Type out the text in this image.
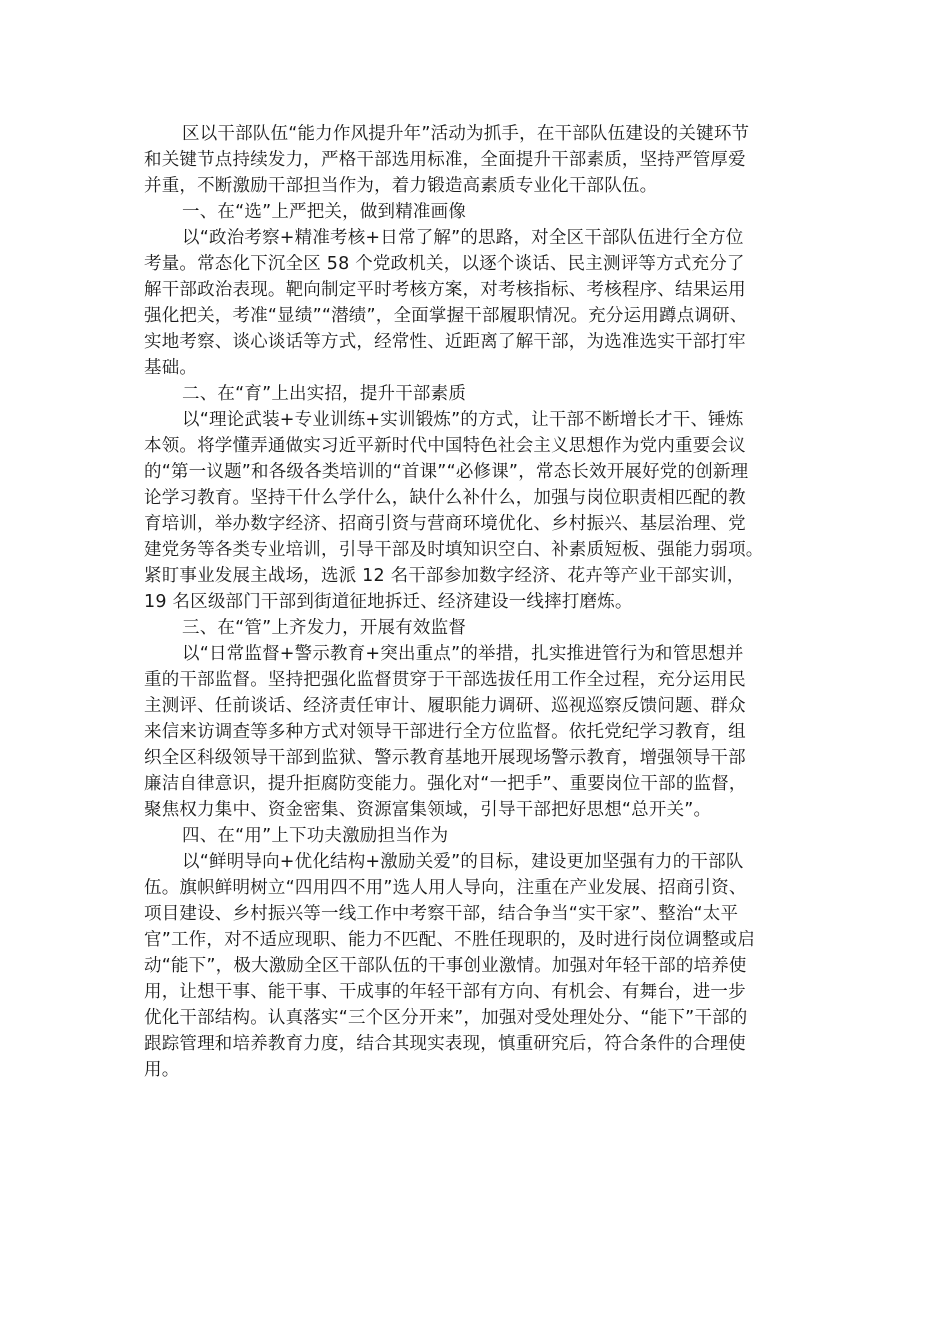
区以干部队伍“能力作风提升年”活动为抓手，在干部队伍建设的关键环节
和关键节点持续发力，严格干部选用标准，全面提升干部素质，坚持严管厚爱
并重，不断激励干部担当作为，着力锻造高素质专业化干部队伍。
一、在“选”上严把关，做到精准画像
以“政治考察+精准考核+日常了解”的思路，对全区干部队伍进行全方位
考量。常态化下沉全区 58 个党政机关，以逐个谈话、民主测评等方式充分了
解干部政治表现。靶向制定平时考核方案，对考核指标、考核程序、结果运用
强化把关，考准“显绩”“潜绩”，全面掌握干部履职情况。充分运用蹲点调研、
实地考察、谈心谈话等方式，经常性、近距离了解干部，为选准选实干部打牢
基础。
二、在“育”上出实招，提升干部素质
以“理论武装+专业训练+实训锻炼”的方式，让干部不断增长才干、锤炼
本领。将学懂弄通做实习近平新时代中国特色社会主义思想作为党内重要会议
的“第一议题”和各级各类培训的“首课”“必修课”，常态长效开展好党的创新理
论学习教育。坚持干什么学什么，缺什么补什么，加强与岗位职责相匹配的教
育培训，举办数字经济、招商引资与营商环境优化、乡村振兴、基层治理、党
建党务等各类专业培训，引导干部及时填知识空白、补素质短板、强能力弱项。
紧盯事业发展主战场，选派 12 名干部参加数字经济、花卉等产业干部实训，
19 名区级部门干部到街道征地拆迁、经济建设一线摔打磨炼。
三、在“管”上齐发力，开展有效监督
以“日常监督+警示教育+突出重点”的举措，扎实推进管行为和管思想并
重的干部监督。坚持把强化监督贯穿于干部选拔任用工作全过程，充分运用民
主测评、任前谈话、经济责任审计、履职能力调研、巡视巡察反馈问题、群众
来信来访调查等多种方式对领导干部进行全方位监督。依托党纪学习教育，组
织全区科级领导干部到监狱、警示教育基地开展现场警示教育，增强领导干部
廉洁自律意识，提升拒腐防变能力。强化对“一把手”、重要岗位干部的监督，
聚焦权力集中、资金密集、资源富集领域，引导干部把好思想“总开关”。
四、在“用”上下功夫激励担当作为
以“鲜明导向+优化结构+激励关爱”的目标，建设更加坚强有力的干部队
伍。旗帜鲜明树立“四用四不用”选人用人导向，注重在产业发展、招商引资、
项目建设、乡村振兴等一线工作中考察干部，结合争当“实干家”、整治“太平
官”工作，对不适应现职、能力不匹配、不胜任现职的，及时进行岗位调整或启
动“能下”，极大激励全区干部队伍的干事创业激情。加强对年轻干部的培养使
用，让想干事、能干事、干成事的年轻干部有方向、有机会、有舞台，进一步
优化干部结构。认真落实“三个区分开来”，加强对受处理处分、“能下”干部的
跟踪管理和培养教育力度，结合其现实表现，慎重研究后，符合条件的合理使
用。
